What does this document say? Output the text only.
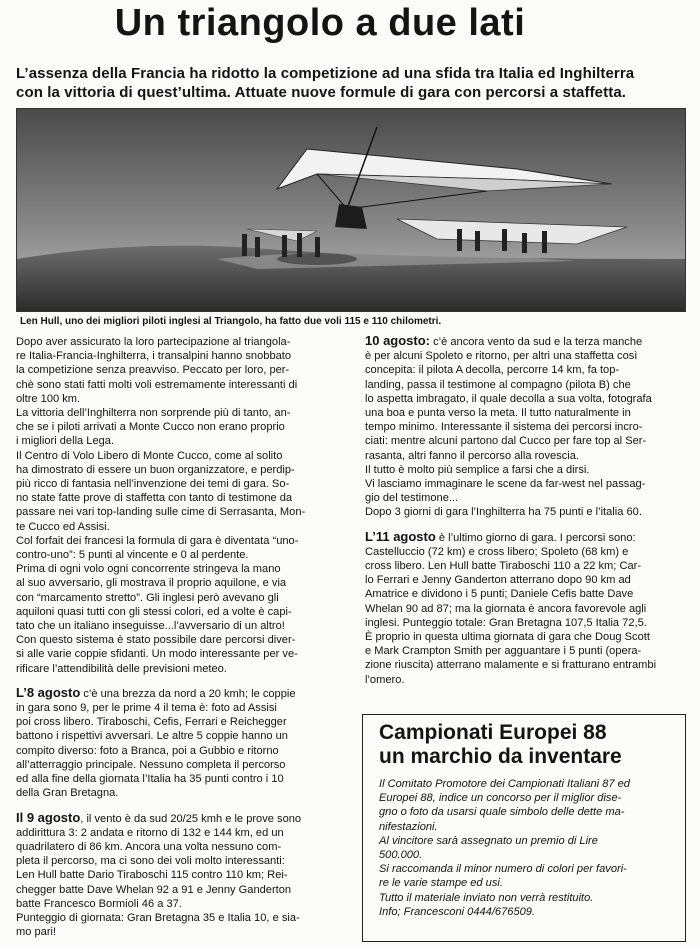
Un triangolo a due lati
L’assenza della Francia ha ridotto la competizione ad una sfida tra Italia ed Inghilterra
con la vittoria di quest’ultima. Attuate nuove formule di gara con percorsi a staffetta.
Len Hull, uno dei migliori piloti inglesi al Triangolo, ha fatto due voli 115 e 110 chilometri.

Dopo aver assicurato la loro partecipazione al triangola-
re Italia-Francia-Inghilterra, i transalpini hanno snobbato
la competizione senza preavviso. Peccato per loro, per-
chè sono stati fatti molti voli estremamente interessanti di
oltre 100 km.

La vittoria dell’Inghilterra non sorprende più di tanto, an-
che se i piloti arrivati a Monte Cucco non erano proprio
i migliori della Lega.

Il Centro di Volo Libero di Monte Cucco, come al solito
ha dimostrato di essere un buon organizzatore, e perdip-
più ricco di fantasia nell’invenzione dei temi di gara. So-
no state fatte prove di staffetta con tanto di testimone da
passare nei vari top-landing sulle cime di Serrasanta, Mon-
te Cucco ed Assisi.

Col forfait dei francesi la formula di gara è diventata “uno-
contro-uno”: 5 punti al vincente e 0 al perdente.

Prima di ogni volo ogni concorrente stringeva la mano
al suo avversario, gli mostrava il proprio aquilone, e via
con “marcamento stretto”. Gli inglesi però avevano gli
aquiloni quasi tutti con gli stessi colori, ed a volte è capi-
tato che un italiano inseguisse...l’avversario di un altro!

Con questo sistema è stato possibile dare percorsi diver-
si alle varie coppie sfidanti. Un modo interessante per ve-
rificare l’attendibilità delle previsioni meteo.

L’8 agosto c’è una brezza da nord a 20 kmh; le coppie
in gara sono 9, per le prime 4 il tema è: foto ad Assisi
poi cross libero. Tiraboschi, Cefis, Ferrari e Reichegger
battono i rispettivi avversari. Le altre 5 coppie hanno un
compito diverso: foto a Branca, poi a Gubbio e ritorno
all’atterraggio principale. Nessuno completa il percorso
ed alla fine della giornata l’Italia ha 35 punti contro i 10
della Gran Bretagna.

Il 9 agosto, il vento è da sud 20/25 kmh e le prove sono
addirittura 3: 2 andata e ritorno di 132 e 144 km, ed un
quadrilatero di 86 km. Ancora una volta nessuno com-
pleta il percorso, ma ci sono dei voli molto interessanti:
Len Hull batte Dario Tiraboschi 115 contro 110 km; Rei-
chegger batte Dave Whelan 92 a 91 e Jenny Ganderton
batte Francesco Bormioli 46 a 37.

Punteggio di giornata: Gran Bretagna 35 e Italia 10, e sia-
mo pari!

10 agosto: c’è ancora vento da sud e la terza manche
è per alcuni Spoleto e ritorno, per altri una staffetta così
concepita: il pilota A decolla, percorre 14 km, fa top-
landing, passa il testimone al compagno (pilota B) che
lo aspetta imbragato, il quale decolla a sua volta, fotografa
una boa e punta verso la meta. Il tutto naturalmente in
tempo minimo. Interessante il sistema dei percorsi incro-
ciati: mentre alcuni partono dal Cucco per fare top al Ser-
rasanta, altri fanno il percorso alla rovescia.

Il tutto è molto più semplice a farsi che a dirsi.
Vi lasciamo immaginare le scene da far-west nel passag-
gio del testimone...
Dopo 3 giorni di gara l’Inghilterra ha 75 punti e l’italia 60.

L’11 agosto è l’ultimo giorno di gara. I percorsi sono:
Castelluccio (72 km) e cross libero; Spoleto (68 km) e
cross libero. Len Hull batte Tiraboschi 110 a 22 km; Car-
lo Ferrari e Jenny Ganderton atterrano dopo 90 km ad
Amatrice e dividono i 5 punti; Daniele Cefis batte Dave
Whelan 90 ad 87; ma la giornata è ancora favorevole agli
inglesi. Punteggio totale: Gran Bretagna 107,5 Italia 72,5.
È proprio in questa ultima giornata di gara che Doug Scott
e Mark Crampton Smith per agguantare i 5 punti (opera-
zione riuscita) atterrano malamente e si fratturano entrambi
l’omero.

Campionati Europei 88
un marchio da inventare
Il Comitato Promotore dei Campionati Italiani 87 ed
Europei 88, indice un concorso per il miglior dise-
gno o foto da usarsi quale simbolo delle dette ma-
nifestazioni.
Al vincitore sarà assegnato un premio di Lire
500.000.
Si raccomanda il minor numero di colori per favori-
re le varie stampe ed usi.
Tutto il materiale inviato non verrà restituito.
Info; Francesconi 0444/676509.
